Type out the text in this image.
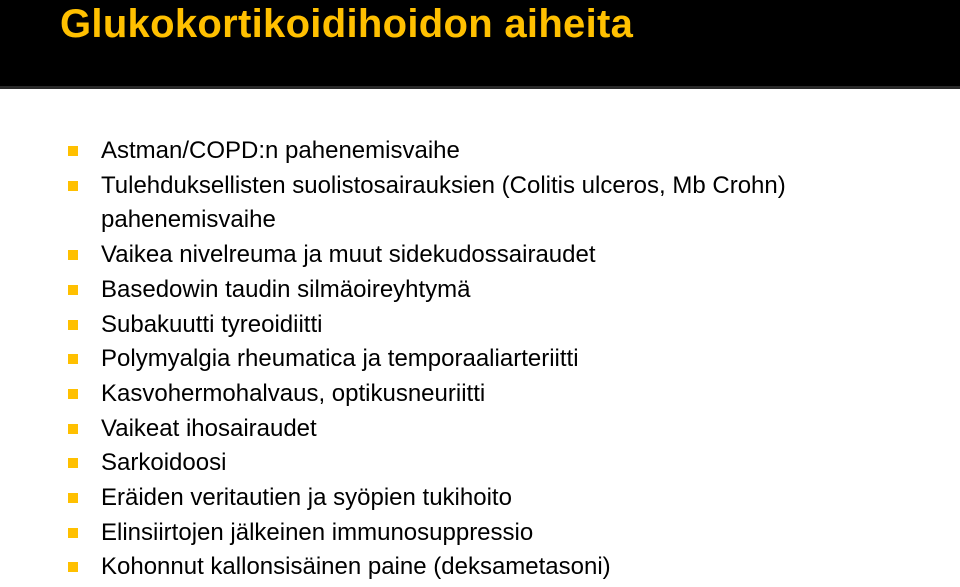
Glukokortikoidihoidon aiheita
Astman/COPD:n pahenemisvaihe
Tulehduksellisten suolistosairauksien (Colitis ulceros, Mb Crohn) pahenemisvaihe
Vaikea nivelreuma ja muut sidekudossairaudet
Basedowin taudin silmäoireyhtymä
Subakuutti tyreoidiitti
Polymyalgia rheumatica ja temporaaliarteriitti
Kasvohermohalvaus, optikusneuriitti
Vaikeat ihosairaudet
Sarkoidoosi
Eräiden veritautien ja syöpien tukihoito
Elinsiirtojen jälkeinen immunosuppressio
Kohonnut kallonsisäinen paine (deksametasoni)
